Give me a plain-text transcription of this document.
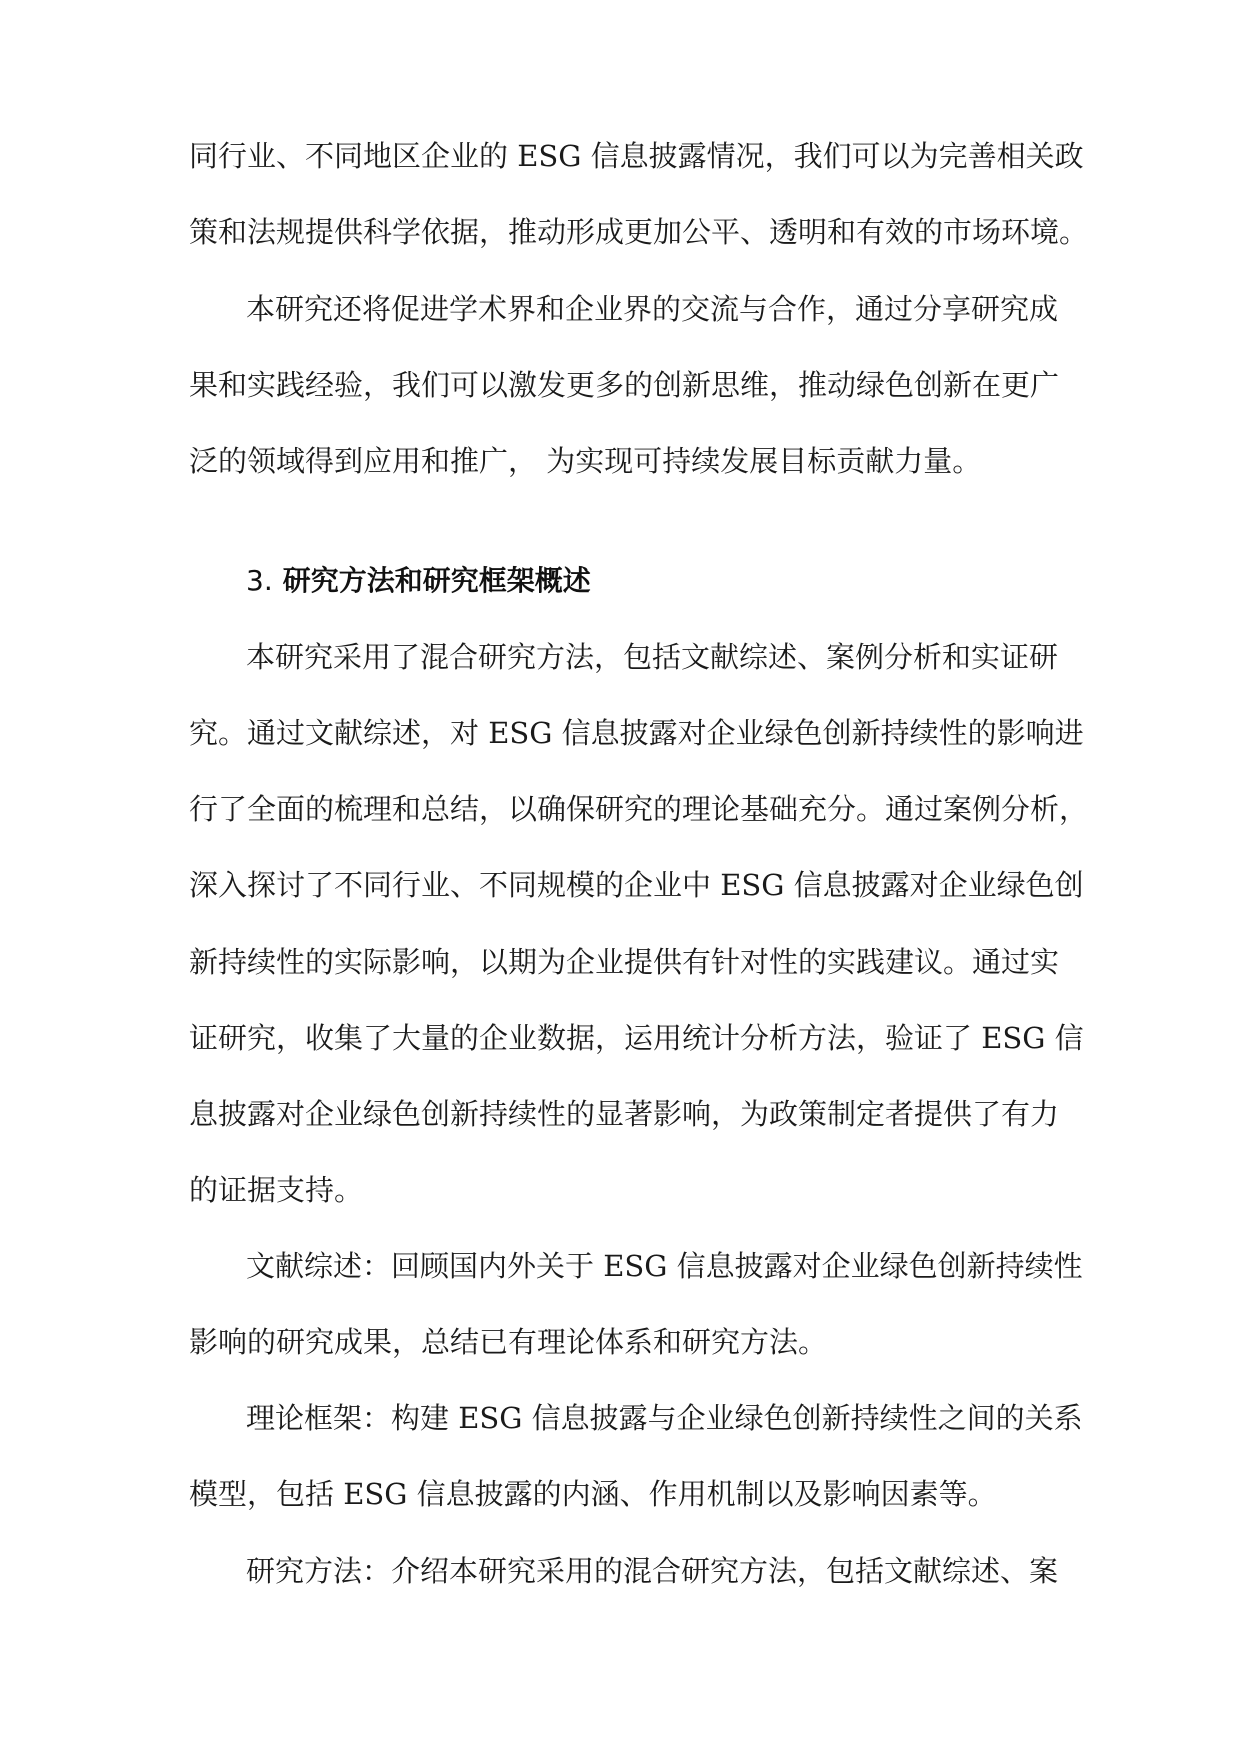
同行业、不同地区企业的 ESG 信息披露情况，我们可以为完善相关政
策和法规提供科学依据，推动形成更加公平、透明和有效的市场环境。
本研究还将促进学术界和企业界的交流与合作，通过分享研究成
果和实践经验，我们可以激发更多的创新思维，推动绿色创新在更广
泛的领域得到应用和推广， 为实现可持续发展目标贡献力量。
3. 研究方法和研究框架概述
本研究采用了混合研究方法，包括文献综述、案例分析和实证研
究。通过文献综述，对 ESG 信息披露对企业绿色创新持续性的影响进
行了全面的梳理和总结，以确保研究的理论基础充分。通过案例分析，
深入探讨了不同行业、不同规模的企业中 ESG 信息披露对企业绿色创
新持续性的实际影响，以期为企业提供有针对性的实践建议。通过实
证研究，收集了大量的企业数据，运用统计分析方法，验证了 ESG 信
息披露对企业绿色创新持续性的显著影响，为政策制定者提供了有力
的证据支持。
文献综述：回顾国内外关于 ESG 信息披露对企业绿色创新持续性
影响的研究成果，总结已有理论体系和研究方法。
理论框架：构建 ESG 信息披露与企业绿色创新持续性之间的关系
模型，包括 ESG 信息披露的内涵、作用机制以及影响因素等。
研究方法：介绍本研究采用的混合研究方法，包括文献综述、案
